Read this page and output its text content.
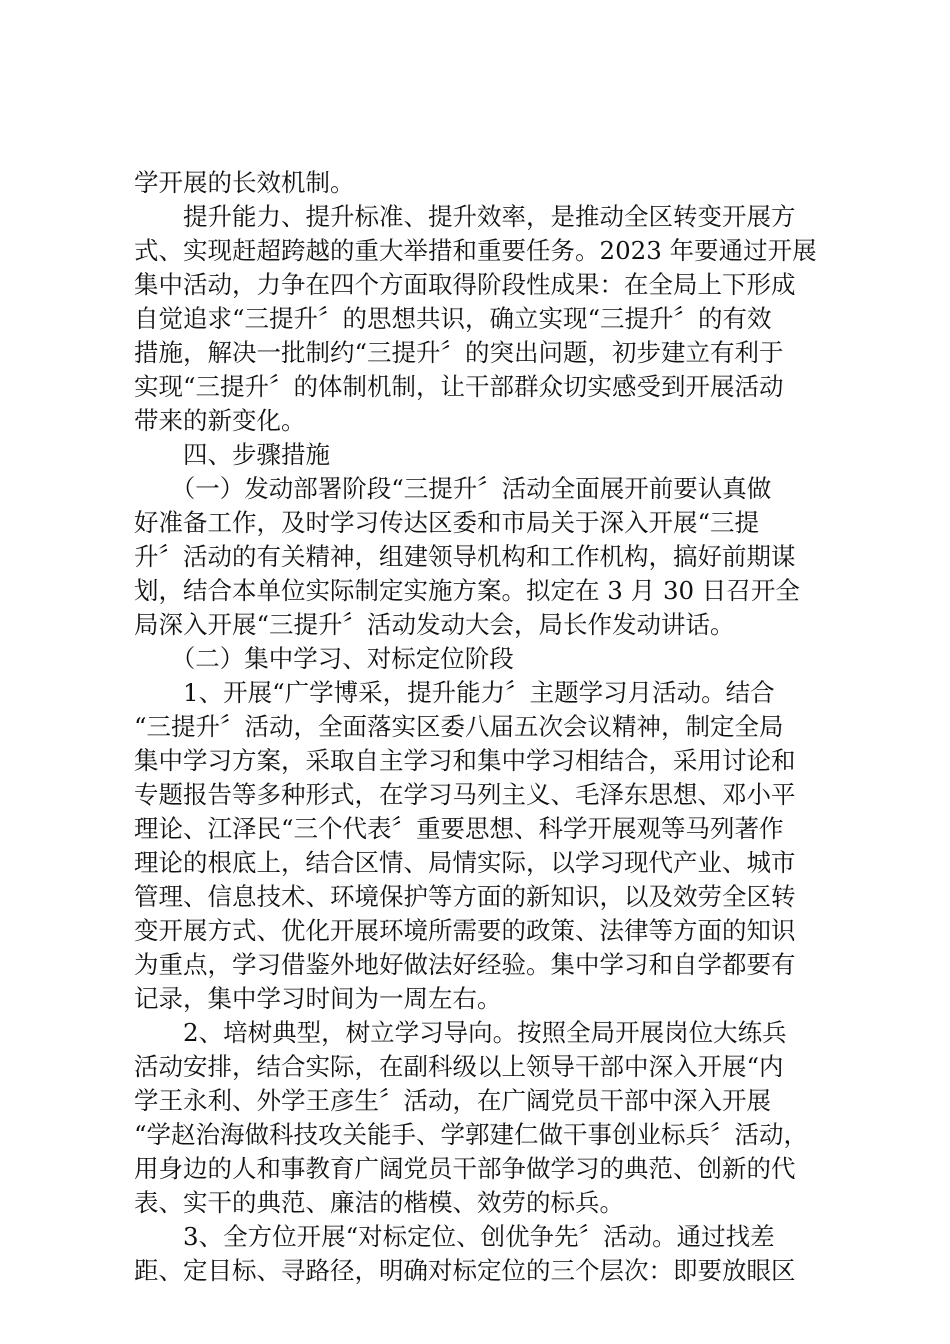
学开展的长效机制。
　　提升能力、提升标准、提升效率，是推动全区转变开展方
式、实现赶超跨越的重大举措和重要任务。2023 年要通过开展
集中活动，力争在四个方面取得阶段性成果：在全局上下形成
自觉追求“三提升〞的思想共识，确立实现“三提升〞的有效
措施，解决一批制约“三提升〞的突出问题，初步建立有利于
实现“三提升〞的体制机制，让干部群众切实感受到开展活动
带来的新变化。
　　四、步骤措施
　　（一）发动部署阶段“三提升〞活动全面展开前要认真做
好准备工作，及时学习传达区委和市局关于深入开展“三提
升〞活动的有关精神，组建领导机构和工作机构，搞好前期谋
划，结合本单位实际制定实施方案。拟定在 3 月 30 日召开全
局深入开展“三提升〞活动发动大会，局长作发动讲话。
　　（二）集中学习、对标定位阶段
　　1、开展“广学博采，提升能力〞主题学习月活动。结合
“三提升〞活动，全面落实区委八届五次会议精神，制定全局
集中学习方案，采取自主学习和集中学习相结合，采用讨论和
专题报告等多种形式，在学习马列主义、毛泽东思想、邓小平
理论、江泽民“三个代表〞重要思想、科学开展观等马列著作
理论的根底上，结合区情、局情实际，以学习现代产业、城市
管理、信息技术、环境保护等方面的新知识，以及效劳全区转
变开展方式、优化开展环境所需要的政策、法律等方面的知识
为重点，学习借鉴外地好做法好经验。集中学习和自学都要有
记录，集中学习时间为一周左右。
　　2、培树典型，树立学习导向。按照全局开展岗位大练兵
活动安排，结合实际，在副科级以上领导干部中深入开展“内
学王永利、外学王彦生〞活动，在广阔党员干部中深入开展
“学赵治海做科技攻关能手、学郭建仁做干事创业标兵〞活动，
用身边的人和事教育广阔党员干部争做学习的典范、创新的代
表、实干的典范、廉洁的楷模、效劳的标兵。
　　3、全方位开展“对标定位、创优争先〞活动。通过找差
距、定目标、寻路径，明确对标定位的三个层次：即要放眼区
